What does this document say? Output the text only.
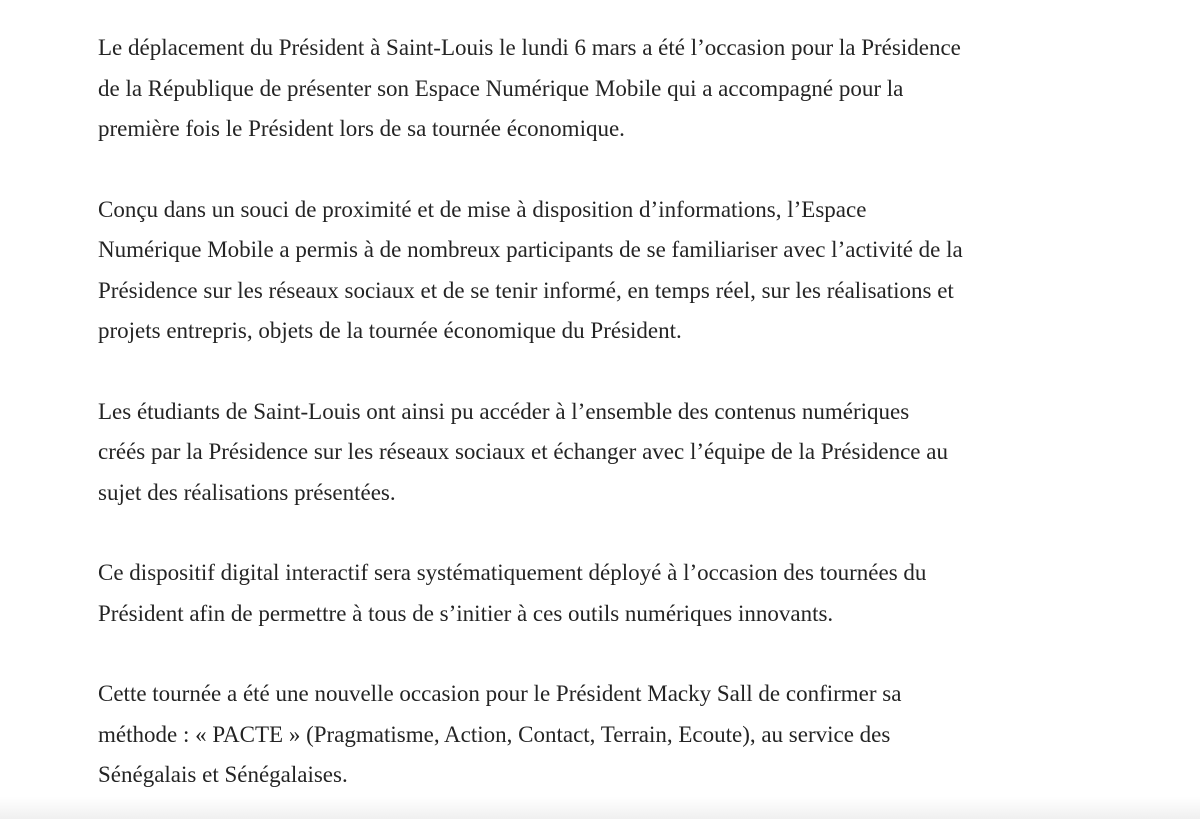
Le déplacement du Président à Saint-Louis le lundi 6 mars a été l’occasion pour la Présidence
de la République de présenter son Espace Numérique Mobile qui a accompagné pour la
première fois le Président lors de sa tournée économique.

Conçu dans un souci de proximité et de mise à disposition d’informations, l’Espace
Numérique Mobile a permis à de nombreux participants de se familiariser avec l’activité de la
Présidence sur les réseaux sociaux et de se tenir informé, en temps réel, sur les réalisations et
projets entrepris, objets de la tournée économique du Président.

Les étudiants de Saint-Louis ont ainsi pu accéder à l’ensemble des contenus numériques
créés par la Présidence sur les réseaux sociaux et échanger avec l’équipe de la Présidence au
sujet des réalisations présentées.

Ce dispositif digital interactif sera systématiquement déployé à l’occasion des tournées du
Président afin de permettre à tous de s’initier à ces outils numériques innovants.

Cette tournée a été une nouvelle occasion pour le Président Macky Sall de confirmer sa
méthode : « PACTE » (Pragmatisme, Action, Contact, Terrain, Ecoute), au service des
Sénégalais et Sénégalaises.
